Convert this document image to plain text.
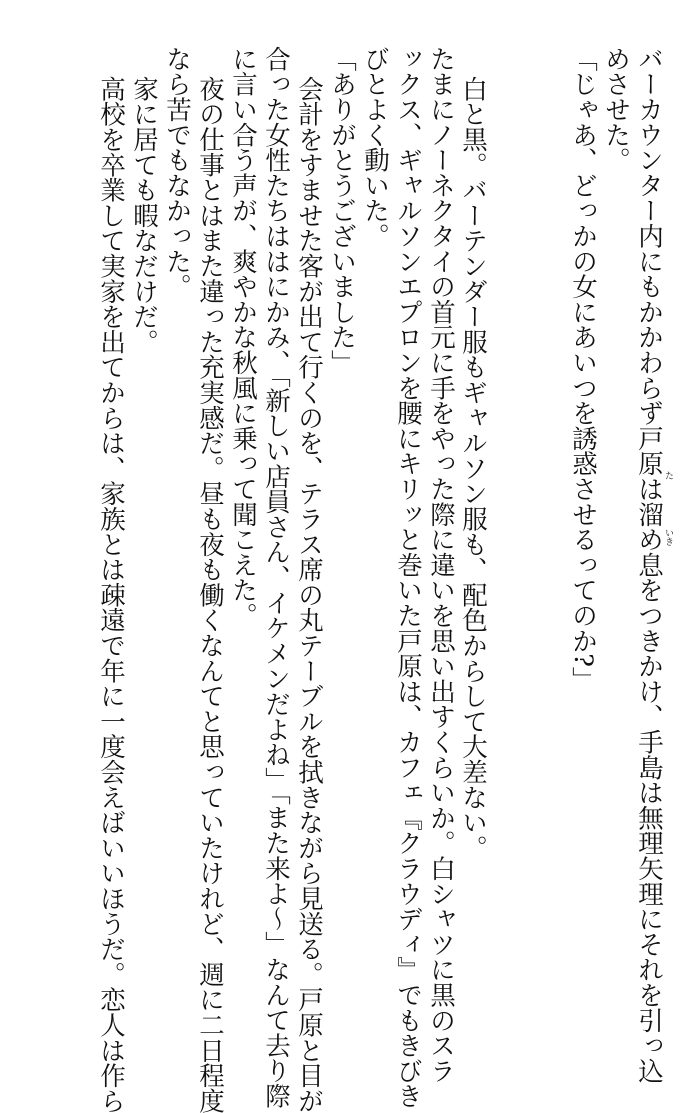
バーカウンター内にもかかわらず戸原は溜め息をつきかけ、手島は無理矢理にそれを引っ込
めさせた。
「じゃあ、どっかの女にあいつを誘惑させるってのか?」
白と黒。バーテンダー服もギャルソン服も、配色からして大差ない。
たまにノーネクタイの首元に手をやった際に違いを思い出すくらいか。白シャツに黒のスラ
ックス、ギャルソンエプロンを腰にキリッと巻いた戸原は、カフェ『クラウディ』でもきびき
びとよく動いた。
「ありがとうございました」
会計をすませた客が出て行くのを、テラス席の丸テーブルを拭きながら見送る。戸原と目が
合った女性たちははにかみ、「新しい店員さん、イケメンだよね」「また来よ〜」なんて去り際
に言い合う声が、爽やかな秋風に乗って聞こえた。
夜の仕事とはまた違った充実感だ。昼も夜も働くなんてと思っていたけれど、週に二日程度
なら苦でもなかった。
家に居ても暇なだけだ。
高校を卒業して実家を出てからは、家族とは疎遠で年に一度会えばいいほうだ。恋人は作ら	た
いき
